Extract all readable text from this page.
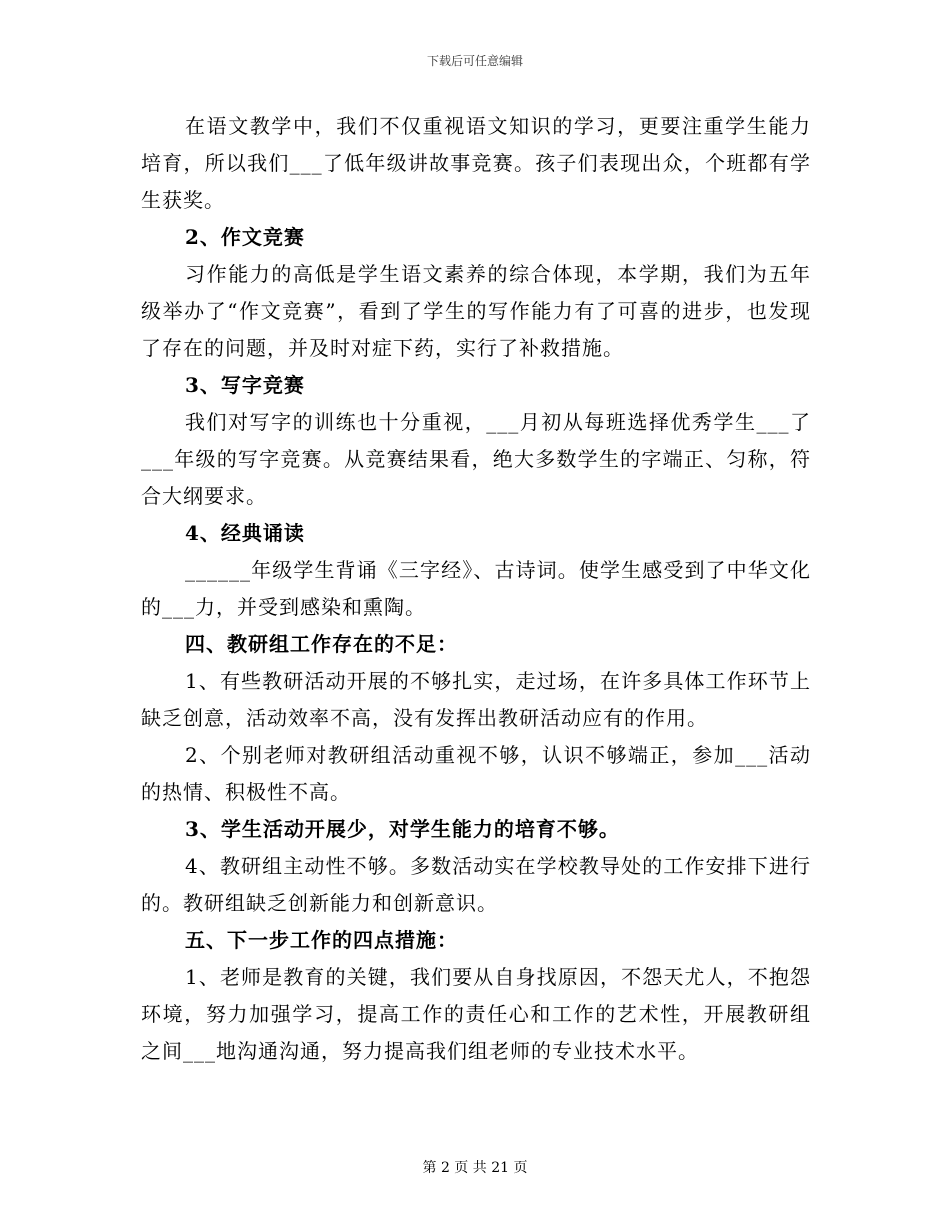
下载后可任意编辑

在语文教学中，我们不仅重视语文知识的学习，更要注重学生能力培育，所以我们___了低年级讲故事竞赛。孩子们表现出众，个班都有学生获奖。

2、作文竞赛

习作能力的高低是学生语文素养的综合体现，本学期，我们为五年级举办了“作文竞赛”，看到了学生的写作能力有了可喜的进步，也发现了存在的问题，并及时对症下药，实行了补救措施。

3、写字竞赛

我们对写字的训练也十分重视，___月初从每班选择优秀学生___了___年级的写字竞赛。从竞赛结果看，绝大多数学生的字端正、匀称，符合大纲要求。

4、经典诵读

______年级学生背诵《三字经》、古诗词。使学生感受到了中华文化的___力，并受到感染和熏陶。

四、教研组工作存在的不足：

1、有些教研活动开展的不够扎实，走过场，在许多具体工作环节上缺乏创意，活动效率不高，没有发挥出教研活动应有的作用。

2、个别老师对教研组活动重视不够，认识不够端正，参加___活动的热情、积极性不高。

3、学生活动开展少，对学生能力的培育不够。

4、教研组主动性不够。多数活动实在学校教导处的工作安排下进行的。教研组缺乏创新能力和创新意识。

五、下一步工作的四点措施：

1、老师是教育的关键，我们要从自身找原因，不怨天尤人，不抱怨环境，努力加强学习，提高工作的责任心和工作的艺术性，开展教研组之间___地沟通沟通，努力提高我们组老师的专业技术水平。

第 2 页 共 21 页
